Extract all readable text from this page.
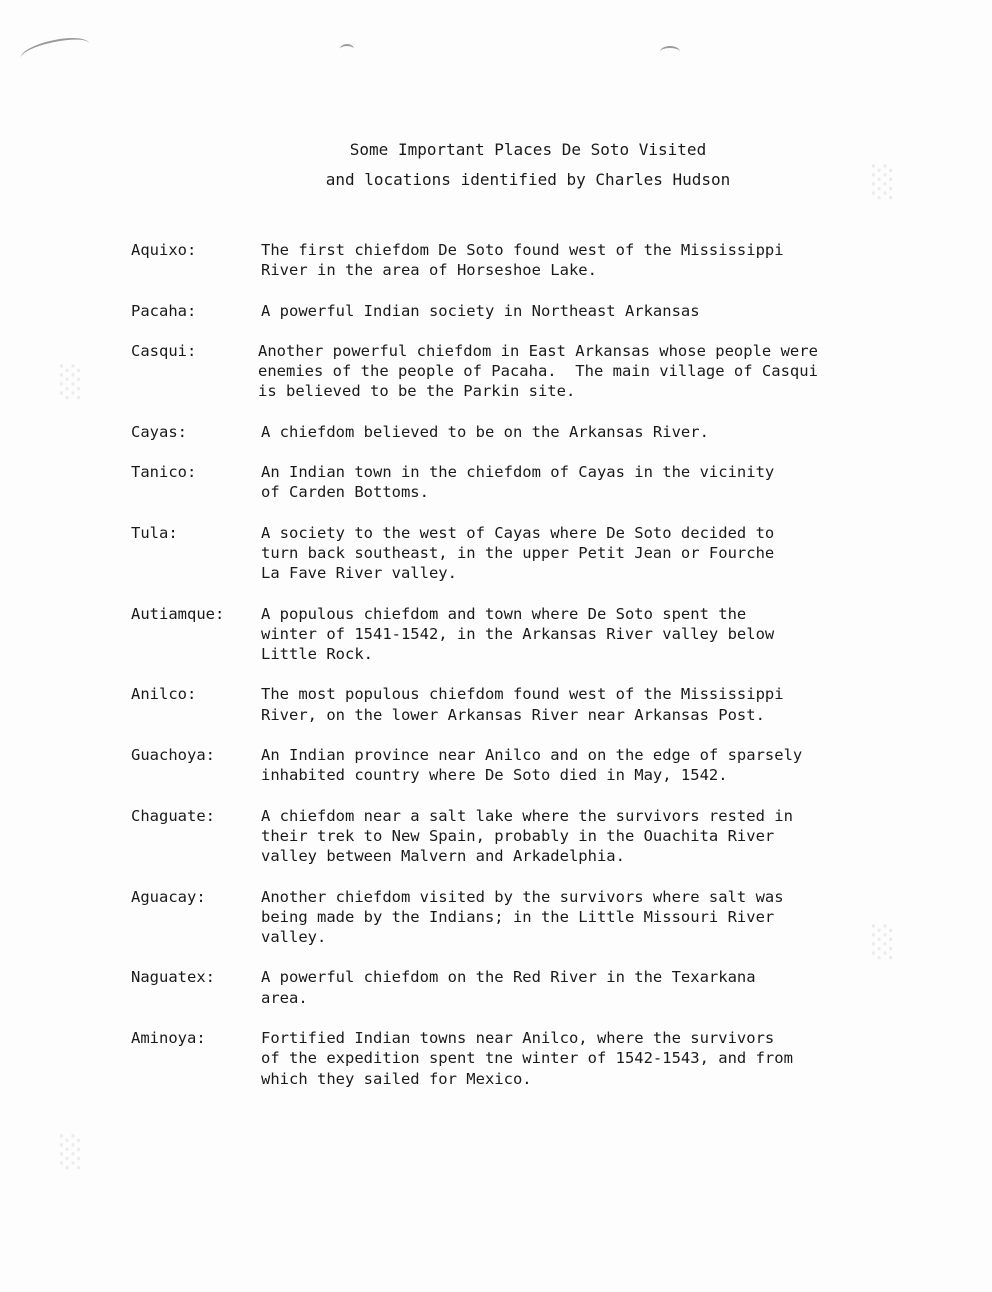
░
░
░
░
Some Important Places De Soto Visited
and locations identified by Charles Hudson
Aquixo:	The first chiefdom De Soto found west of the Mississippi
River in the area of Horseshoe Lake.
Pacaha:	A powerful Indian society in Northeast Arkansas
Casqui:	Another powerful chiefdom in East Arkansas whose people were
enemies of the people of Pacaha.  The main village of Casqui
is believed to be the Parkin site.
Cayas:	A chiefdom believed to be on the Arkansas River.
Tanico:	An Indian town in the chiefdom of Cayas in the vicinity
of Carden Bottoms.
Tula:	A society to the west of Cayas where De Soto decided to
turn back southeast, in the upper Petit Jean or Fourche
La Fave River valley.
Autiamque:	A populous chiefdom and town where De Soto spent the
winter of 1541-1542, in the Arkansas River valley below
Little Rock.
Anilco:	The most populous chiefdom found west of the Mississippi
River, on the lower Arkansas River near Arkansas Post.
Guachoya:	An Indian province near Anilco and on the edge of sparsely
inhabited country where De Soto died in May, 1542.
Chaguate:	A chiefdom near a salt lake where the survivors rested in
their trek to New Spain, probably in the Ouachita River
valley between Malvern and Arkadelphia.
Aguacay:	Another chiefdom visited by the survivors where salt was
being made by the Indians; in the Little Missouri River
valley.
Naguatex:	A powerful chiefdom on the Red River in the Texarkana
area.
Aminoya:	Fortified Indian towns near Anilco, where the survivors
of the expedition spent tne winter of 1542-1543, and from
which they sailed for Mexico.
